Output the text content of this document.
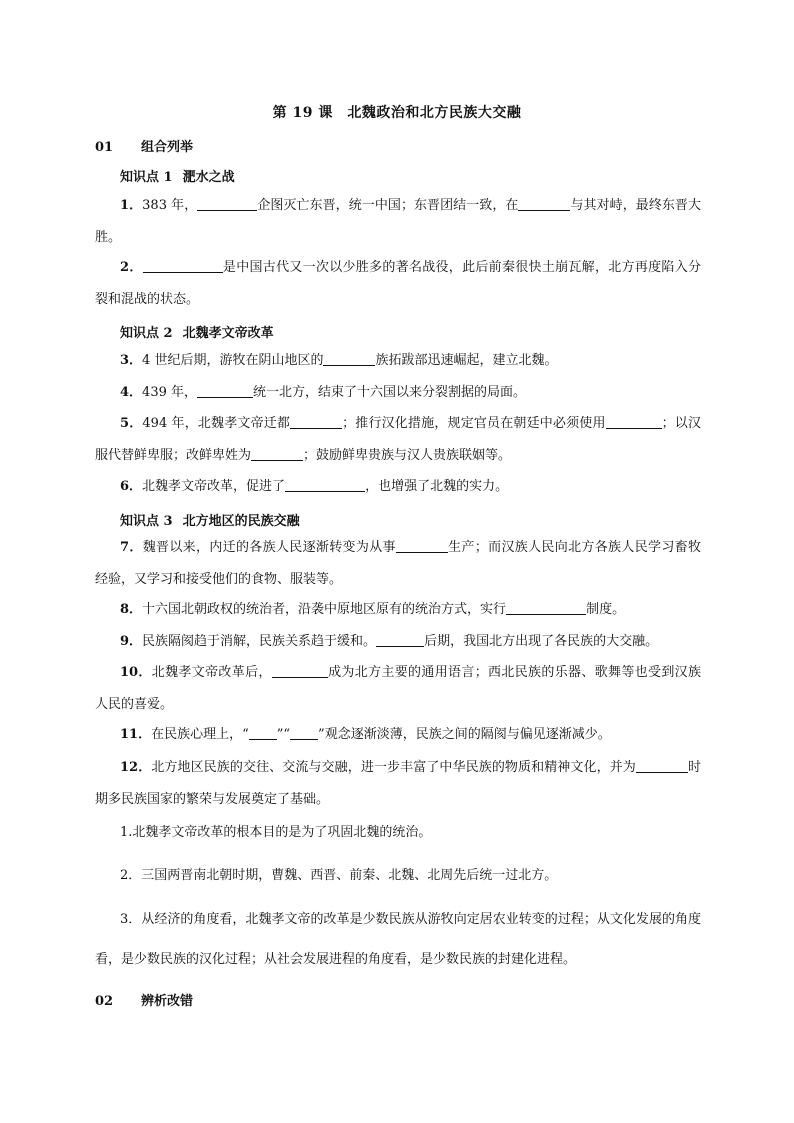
第 19 课　北魏政治和北方民族大交融
01 组合列举
知识点 1 淝水之战
1．383 年，	企图灭亡东晋，统一中国；东晋团结一致，在	与其对峙，最终东晋大胜。
2．	是中国古代又一次以少胜多的著名战役，此后前秦很快土崩瓦解，北方再度陷入分裂和混战的状态。
知识点 2 北魏孝文帝改革
3．4 世纪后期，游牧在阴山地区的	族拓跋部迅速崛起，建立北魏。
4．439 年，	统一北方，结束了十六国以来分裂割据的局面。
5．494 年，北魏孝文帝迁都	；推行汉化措施，规定官员在朝廷中必须使用	；以汉服代替鲜卑服；改鲜卑姓为	；鼓励鲜卑贵族与汉人贵族联姻等。
6．北魏孝文帝改革，促进了	，也增强了北魏的实力。
知识点 3 北方地区的民族交融
7．魏晋以来，内迁的各族人民逐渐转变为从事	生产；而汉族人民向北方各族人民学习畜牧经验，又学习和接受他们的食物、服装等。
8．十六国北朝政权的统治者，沿袭中原地区原有的统治方式，实行	制度。
9．民族隔阂趋于消解，民族关系趋于缓和。	后期，我国北方出现了各民族的大交融。
10．北魏孝文帝改革后，	成为北方主要的通用语言；西北民族的乐器、歌舞等也受到汉族人民的喜爱。
11．在民族心理上，“ ”“ ”观念逐渐淡薄，民族之间的隔阂与偏见逐渐减少。
12．北方地区民族的交往、交流与交融，进一步丰富了中华民族的物质和精神文化，并为	时期多民族国家的繁荣与发展奠定了基础。
1.北魏孝文帝改革的根本目的是为了巩固北魏的统治。
2．三国两晋南北朝时期，曹魏、西晋、前秦、北魏、北周先后统一过北方。
3．从经济的角度看，北魏孝文帝的改革是少数民族从游牧向定居农业转变的过程；从文化发展的角度看，是少数民族的汉化过程；从社会发展进程的角度看，是少数民族的封建化进程。
02 辨析改错
